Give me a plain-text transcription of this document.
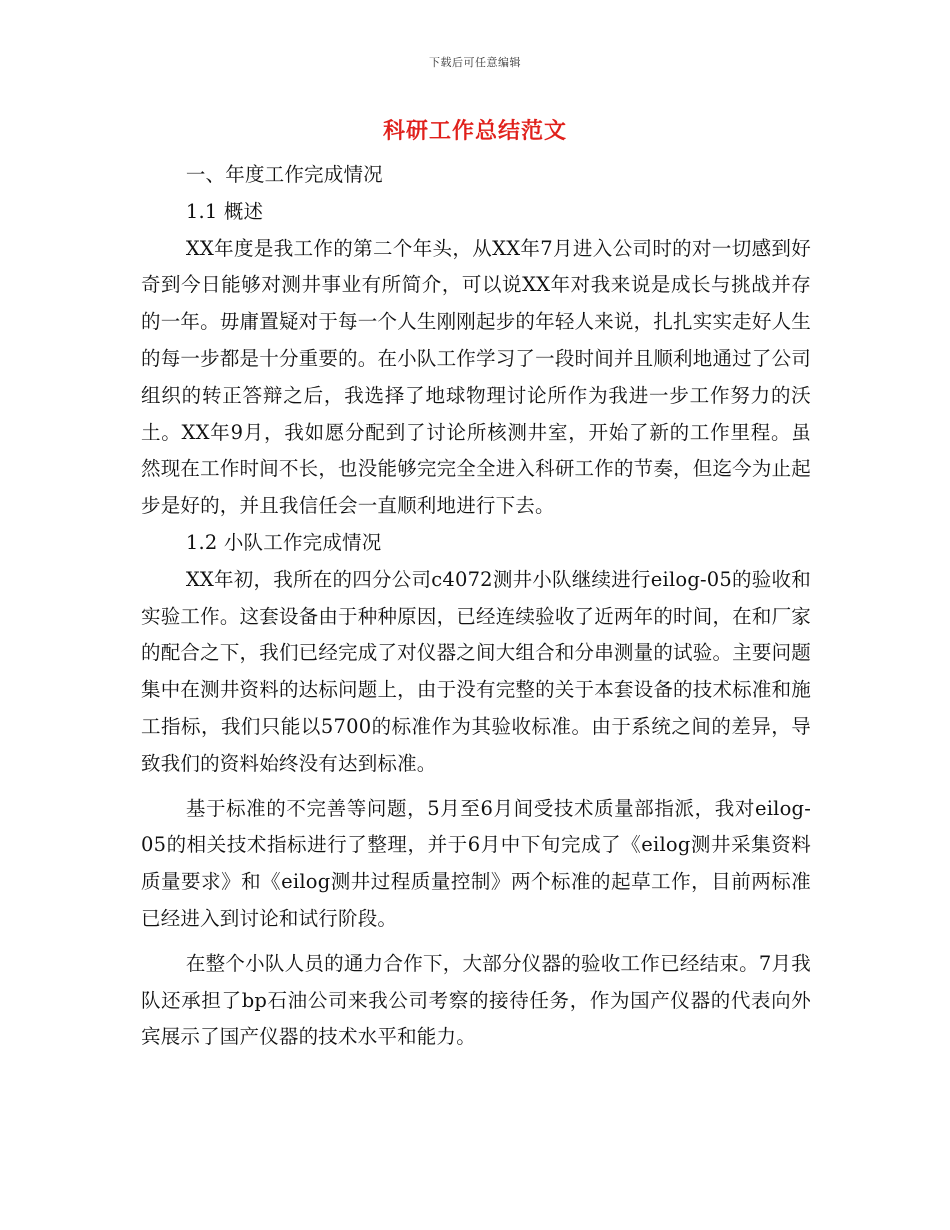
下载后可任意编辑
科研工作总结范文

一、年度工作完成情况

1.1 概述

XX年度是我工作的第二个年头，从XX年7月进入公司时的对一切感到好奇到今日能够对测井事业有所简介，可以说XX年对我来说是成长与挑战并存的一年。毋庸置疑对于每一个人生刚刚起步的年轻人来说，扎扎实实走好人生的每一步都是十分重要的。在小队工作学习了一段时间并且顺利地通过了公司组织的转正答辩之后，我选择了地球物理讨论所作为我进一步工作努力的沃土。XX年9月，我如愿分配到了讨论所核测井室，开始了新的工作里程。虽然现在工作时间不长，也没能够完完全全进入科研工作的节奏，但迄今为止起步是好的，并且我信任会一直顺利地进行下去。

1.2 小队工作完成情况

XX年初，我所在的四分公司c4072测井小队继续进行eilog-05的验收和实验工作。这套设备由于种种原因，已经连续验收了近两年的时间，在和厂家的配合之下，我们已经完成了对仪器之间大组合和分串测量的试验。主要问题集中在测井资料的达标问题上，由于没有完整的关于本套设备的技术标准和施工指标，我们只能以5700的标准作为其验收标准。由于系统之间的差异，导致我们的资料始终没有达到标准。

基于标准的不完善等问题，5月至6月间受技术质量部指派，我对eilog-05的相关技术指标进行了整理，并于6月中下旬完成了《eilog测井采集资料质量要求》和《eilog测井过程质量控制》两个标准的起草工作，目前两标准已经进入到讨论和试行阶段。

在整个小队人员的通力合作下，大部分仪器的验收工作已经结束。7月我队还承担了bp石油公司来我公司考察的接待任务，作为国产仪器的代表向外宾展示了国产仪器的技术水平和能力。
